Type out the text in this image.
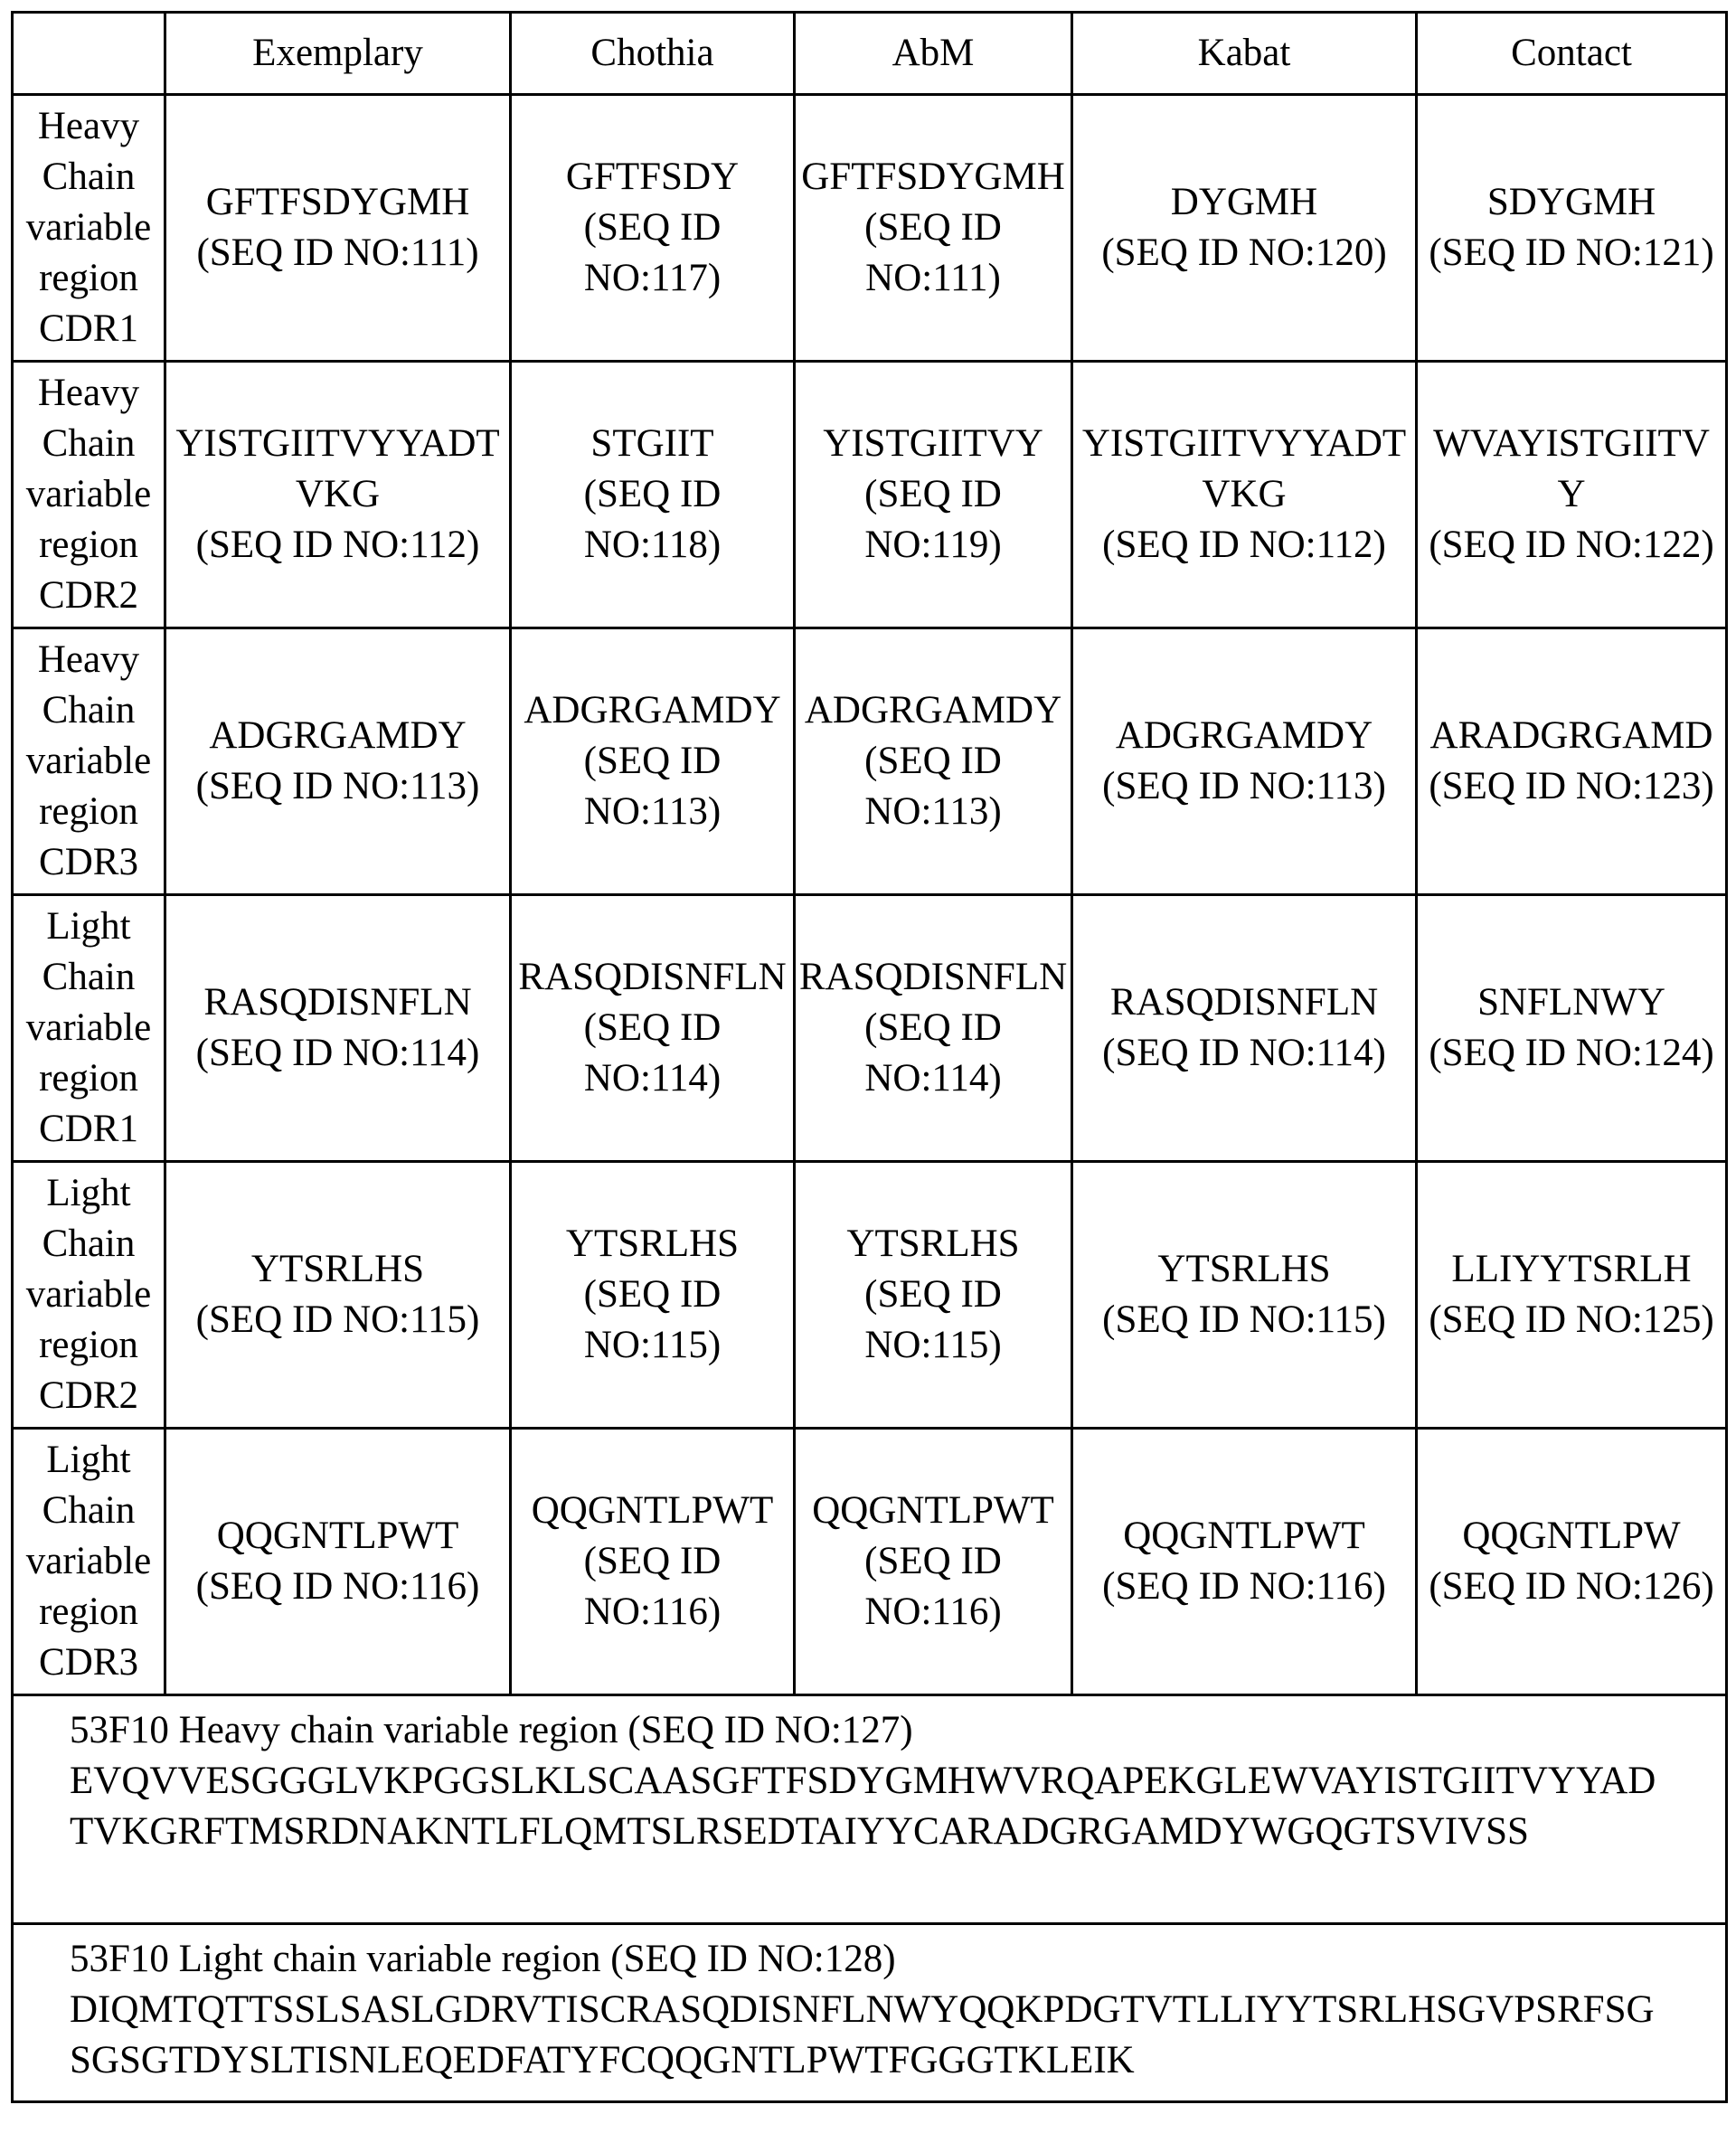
	Exemplary	Chothia	AbM	Kabat	Contact

Heavy
Chain
variable
region
CDR1

GFTFSDYGMH
(SEQ ID NO:111)

GFTFSDY
(SEQ ID NO:117)

GFTFSDYGMH
(SEQ ID NO:111)

DYGMH
(SEQ ID NO:120)

SDYGMH
(SEQ ID NO:121)

Heavy
Chain
variable
region
CDR2

YISTGIITVYYADTVKG
(SEQ ID NO:112)

STGIIT
(SEQ ID NO:118)

YISTGIITVY
(SEQ ID NO:119)

YISTGIITVYYADTVKG
(SEQ ID NO:112)

WVAYISTGIITVY
(SEQ ID NO:122)

Heavy
Chain
variable
region
CDR3

ADGRGAMDY
(SEQ ID NO:113)

ADGRGAMDY
(SEQ ID NO:113)

ADGRGAMDY
(SEQ ID NO:113)

ADGRGAMDY
(SEQ ID NO:113)

ARADGRGAMD
(SEQ ID NO:123)

Light
Chain
variable
region
CDR1

RASQDISNFLN
(SEQ ID NO:114)

RASQDISNFLN
(SEQ ID NO:114)

RASQDISNFLN
(SEQ ID NO:114)

RASQDISNFLN
(SEQ ID NO:114)

SNFLNWY
(SEQ ID NO:124)

Light
Chain
variable
region
CDR2

YTSRLHS
(SEQ ID NO:115)

YTSRLHS
(SEQ ID NO:115)

YTSRLHS
(SEQ ID NO:115)

YTSRLHS
(SEQ ID NO:115)

LLIYYTSRLH
(SEQ ID NO:125)

Light
Chain
variable
region
CDR3

QQGNTLPWT
(SEQ ID NO:116)

QQGNTLPWT
(SEQ ID NO:116)

QQGNTLPWT
(SEQ ID NO:116)

QQGNTLPWT
(SEQ ID NO:116)

QQGNTLPW
(SEQ ID NO:126)

53F10 Heavy chain variable region (SEQ ID NO:127)
EVQVVESGGGLVKPGGSLKLSCAASGFTFSDYGMHWVRQAPEKGLEWVAYISTGIITVYYADTVKGRFTMSRDNAKNTLFLQMTSLRSEDTAIYYCARADGRGAMDYWGQGTSVIVSS

53F10 Light chain variable region (SEQ ID NO:128)
DIQMTQTTSSLSASLGDRVTISCRASQDISNFLNWYQQKPDGTVTLLIYYTSRLHSGVPSRFSGSGSGTDYSLTISNLEQEDFATYFCQQGNTLPWTFGGGTKLEIK
